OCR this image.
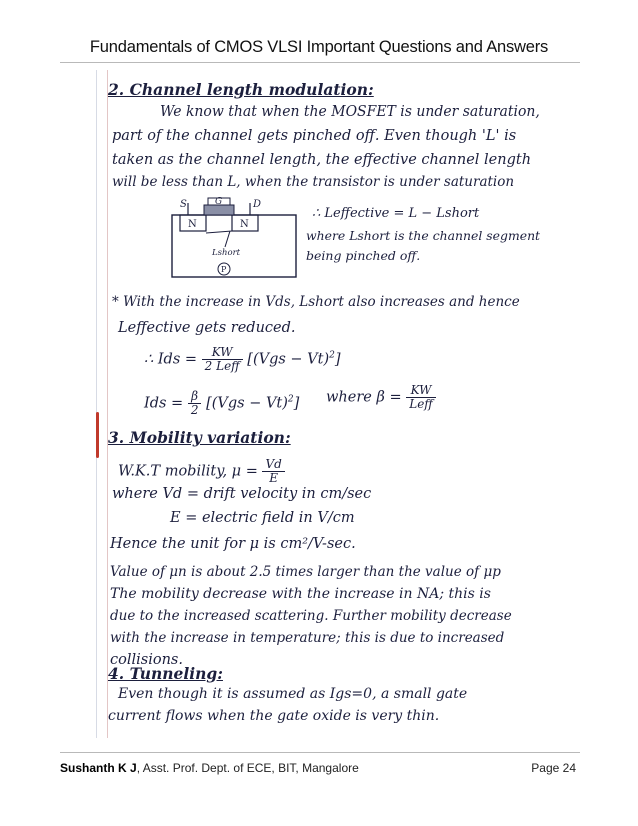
Fundamentals of CMOS VLSI Important Questions and Answers
2. Channel length modulation:
We know that when the MOSFET is under saturation,
part of the channel gets pinched off. Even though 'L' is
taken as the channel length, the effective channel length
will be less than L, when the transistor is under saturation
S	G	D
N	N
Lshort
P
∴ Leffective = L − Lshort
where Lshort is the channel segment
being pinched off.
* With the increase in Vds, Lshort also increases and hence
Leffective gets reduced.
∴ Ids = $\frac{KW}{\text{2 Leff}} [(Vgs - Vt)^2]$
Ids = $\frac{\beta}{2} [(Vgs - Vt)^2]$ where $\beta = \frac{KW}{\text{Leff}}$
3. Mobility variation:
W.K.T mobility, $\mu = \frac{Vd}{E}$
where Vd = drift velocity in cm/sec
E = electric field in V/cm
Hence the unit for μ is cm²/V-sec.
Value of μn is about 2.5 times larger than the value of μp
The mobility decrease with the increase in NA; this is
due to the increased scattering. Further mobility decrease
with the increase in temperature; this is due to increased
collisions.
4. Tunneling:
Even though it is assumed as Igs=0, a small gate
current flows when the gate oxide is very thin.
Sushanth K J, Asst. Prof. Dept. of ECE, BIT, Mangalore	Page 24
